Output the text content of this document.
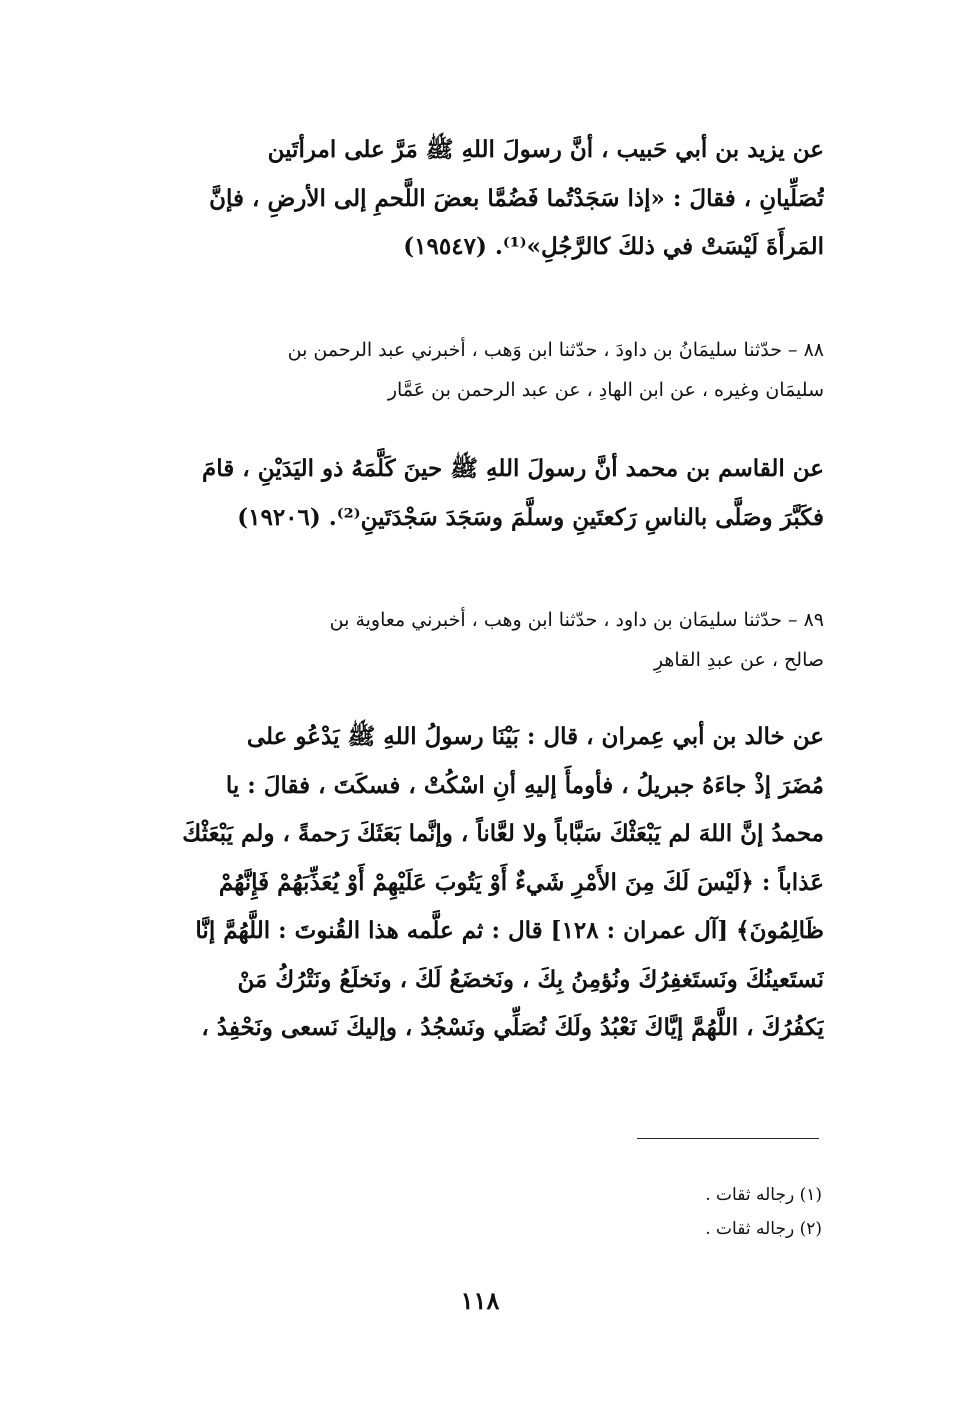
عن يزيد بن أبي حَبيب ، أنَّ رسولَ اللهِ ﷺ مَرَّ على امرأتَين
تُصَلِّيانِ ، فقالَ : «إذا سَجَدْتُما فَضُمَّا بعضَ اللَّحمِ إلى الأرضِ ، فإنَّ
المَرأَةَ لَيْسَتْ في ذلكَ كالرَّجُلِ»⁽¹⁾. (١٩٥٤٧)
٨٨ – حدّثنا سليمَانُ بن داودَ ، حدّثنا ابن وَهب ، أخبرني عبد الرحمن بن
سليمَان وغيره ، عن ابن الهادِ ، عن عبد الرحمن بن عَمَّار
عن القاسم بن محمد أنَّ رسولَ اللهِ ﷺ حينَ كَلَّمَهُ ذو اليَدَيْنِ ، قامَ
فكَبَّرَ وصَلَّى بالناسِ رَكعتَينِ وسلَّمَ وسَجَدَ سَجْدَتَينِ⁽²⁾. (١٩٢٠٦)
٨٩ – حدّثنا سليمَان بن داود ، حدّثنا ابن وهب ، أخبرني معاوية بن
صالح ، عن عبدِ القاهرِ
عن خالد بن أبي عِمران ، قال : بَيْنَا رسولُ اللهِ ﷺ يَدْعُو على
مُضَرَ إذْ جاءَهُ جبريلُ ، فأومأَ إليهِ أنِ اسْكُتْ ، فسكَتَ ، فقالَ : يا
محمدُ إنَّ اللهَ لم يَبْعَثْكَ سَبَّاباً ولا لعَّاناً ، وإنَّما بَعَثَكَ رَحمةً ، ولم يَبْعَثْكَ
عَذاباً : ﴿لَيْسَ لَكَ مِنَ الأَمْرِ شَيءٌ أَوْ يَتُوبَ عَلَيْهِمْ أَوْ يُعَذِّبَهُمْ فَإِنَّهُمْ
ظَالِمُونَ﴾ [آل عمران : ١٢٨] قال : ثم علَّمه هذا القُنوتَ : اللَّهُمَّ إنَّا
نَستَعينُكَ ونَستَغفِرُكَ ونُؤمِنُ بِكَ ، ونَخضَعُ لَكَ ، ونَخلَعُ ونَتْرُكُ مَنْ
يَكفُرُكَ ، اللَّهُمَّ إيَّاكَ نَعْبُدُ ولَكَ نُصَلِّي ونَسْجُدُ ، وإليكَ نَسعى ونَحْفِدُ ،
(١) رجاله ثقات .
(٢) رجاله ثقات .
١١٨
